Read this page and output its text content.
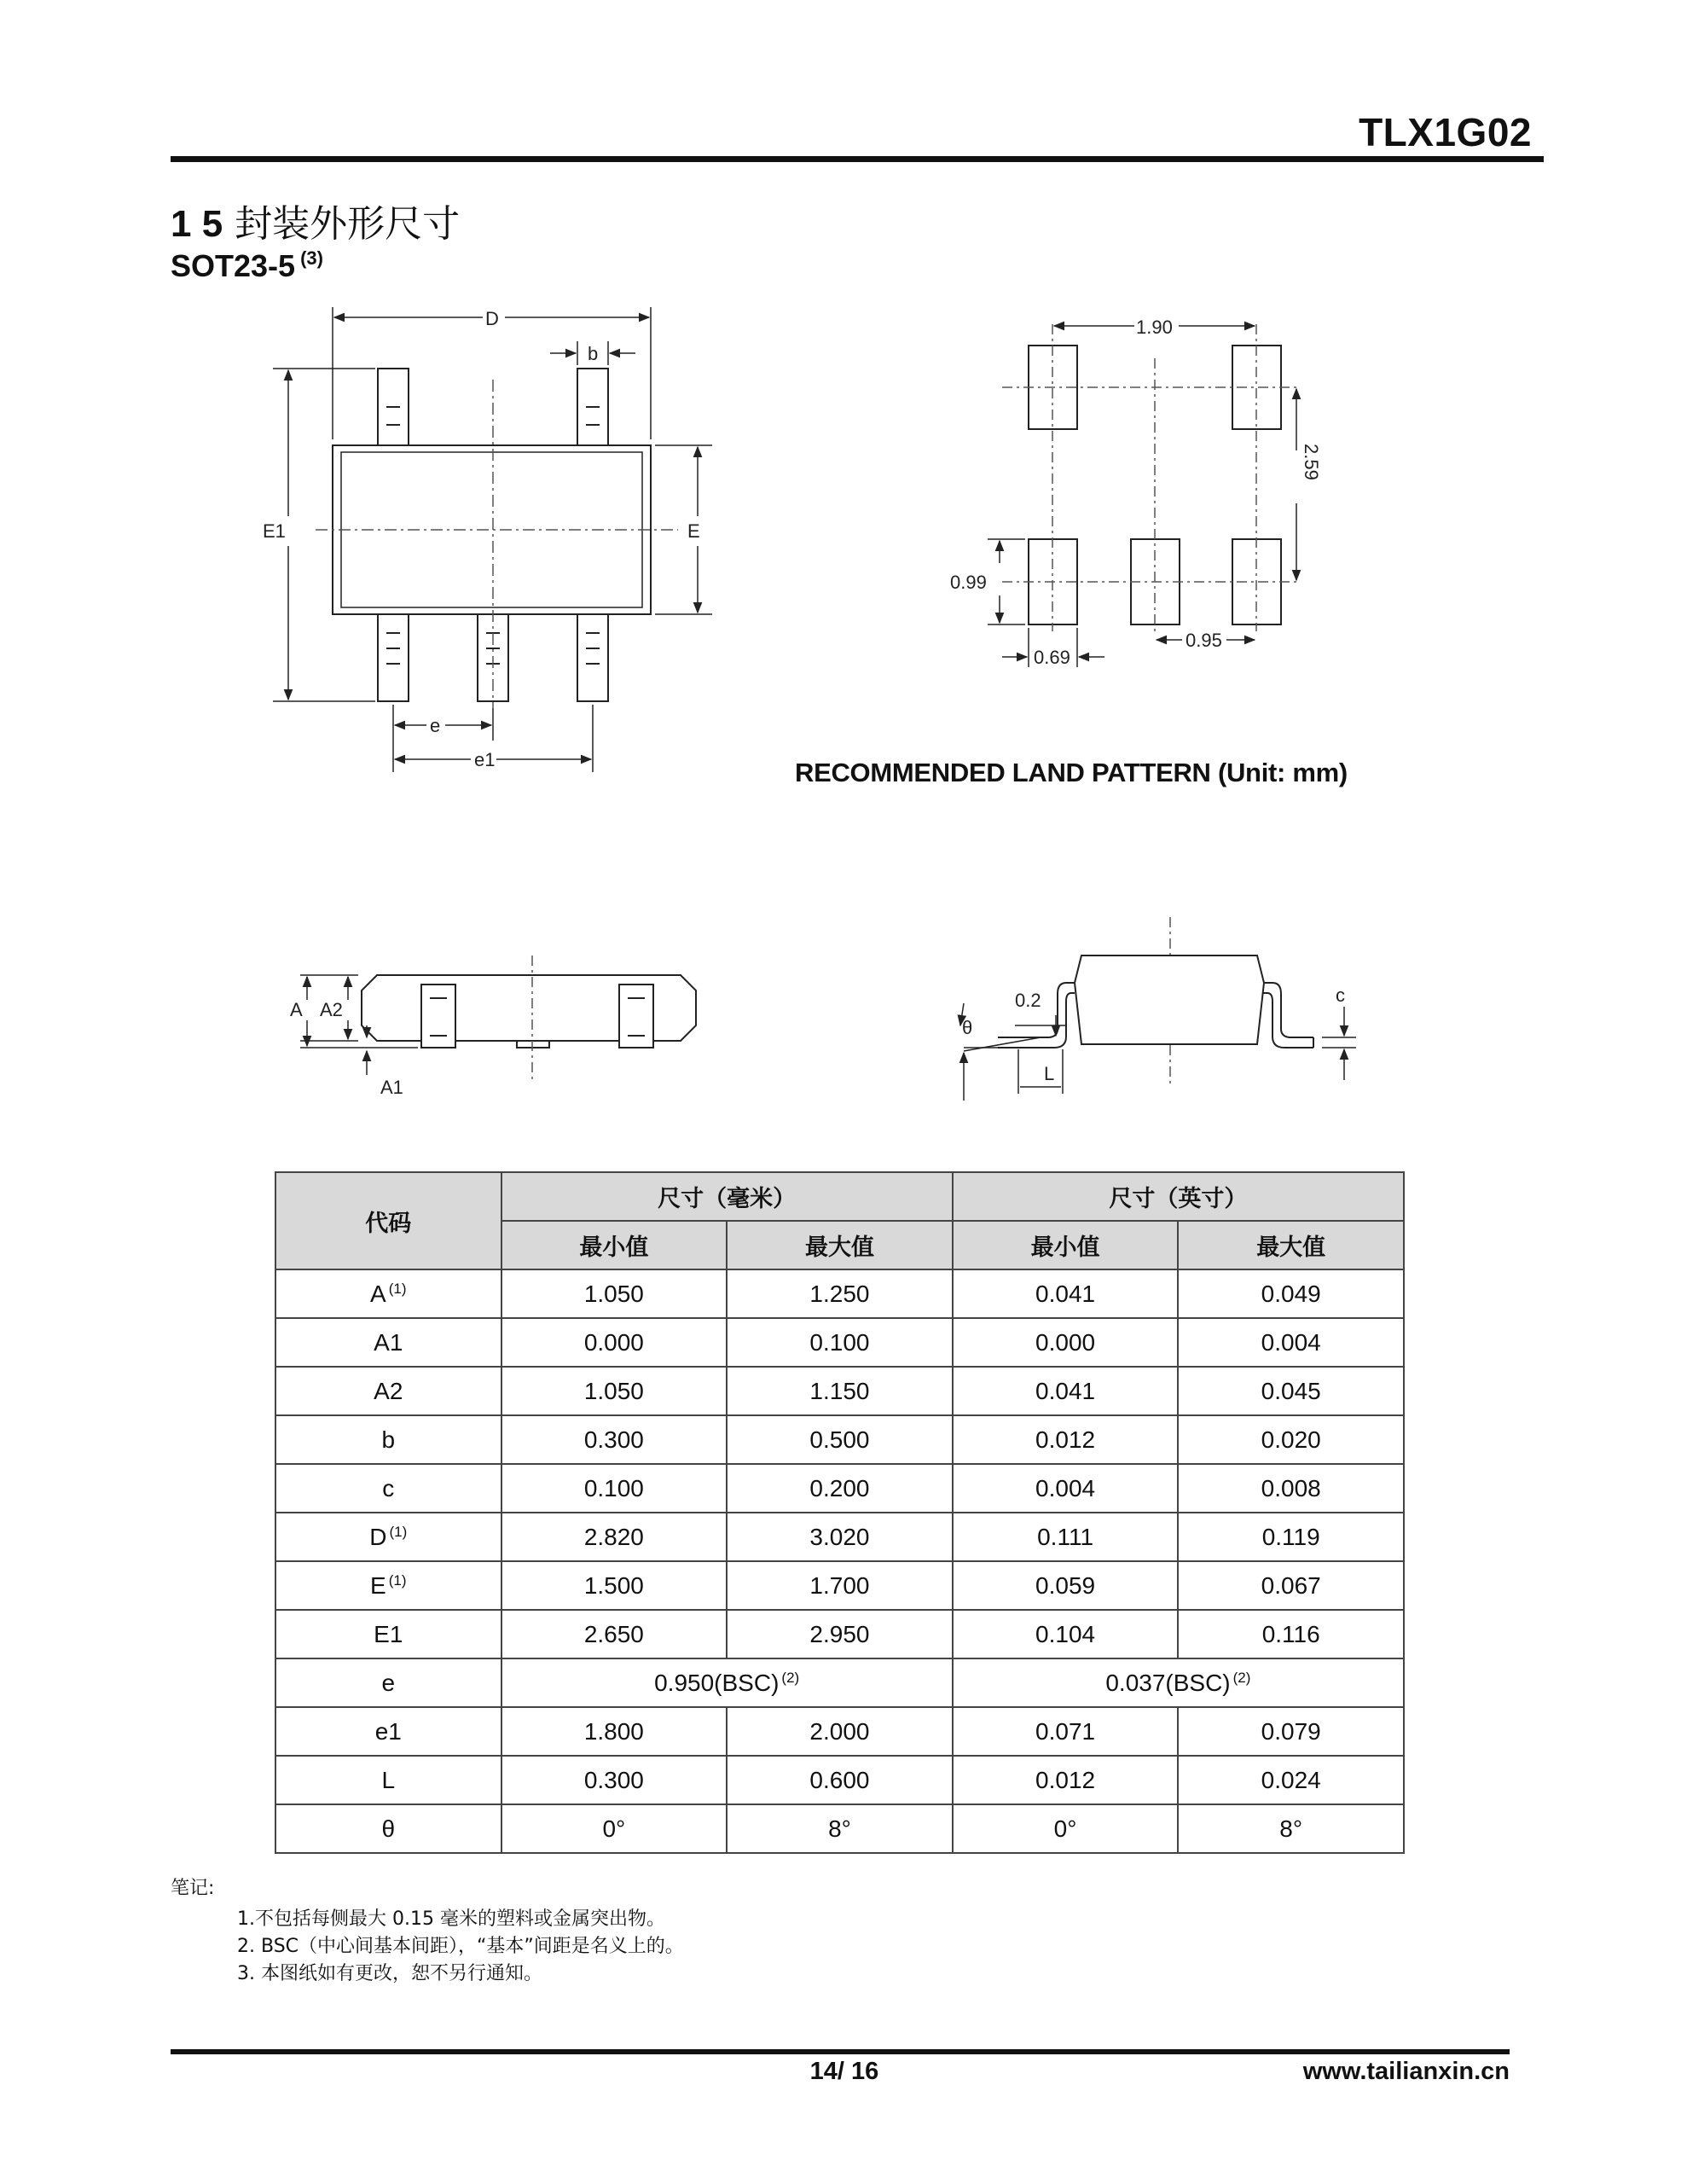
TLX1G02
1 5 封装外形尺寸
SOT23-5 $^{(3)}$
D
b
E1	E
e
e1
1.90
2.59
0.99
0.69
0.95
RECOMMENDED LAND PATTERN (Unit: mm)
A A2
A1
0.2
θ
L
c
代码	尺寸（毫米）		尺寸（英寸）	
	最小值	最大值	最小值	最大值
A $^{(1)}$	1.050	1.250	0.041	0.049
A1	0.000	0.100	0.000	0.004
A2	1.050	1.150	0.041	0.045
b	0.300	0.500	0.012	0.020
c	0.100	0.200	0.004	0.008
D $^{(1)}$	2.820	3.020	0.111	0.119
E $^{(1)}$	1.500	1.700	0.059	0.067
E1	2.650	2.950	0.104	0.116
e	0.950(BSC) $^{(2)}$		0.037(BSC) $^{(2)}$
e1	1.800	2.000	0.071	0.079
L	0.300	0.600	0.012	0.024
θ	0°	8°	0°	8°
笔记:
1.不包括每侧最大 0.15 毫米的塑料或金属突出物。
2. BSC（中心间基本间距），“基本”间距是名义上的。
3. 本图纸如有更改，恕不另行通知。
14/ 16	www.tailianxin.cn
